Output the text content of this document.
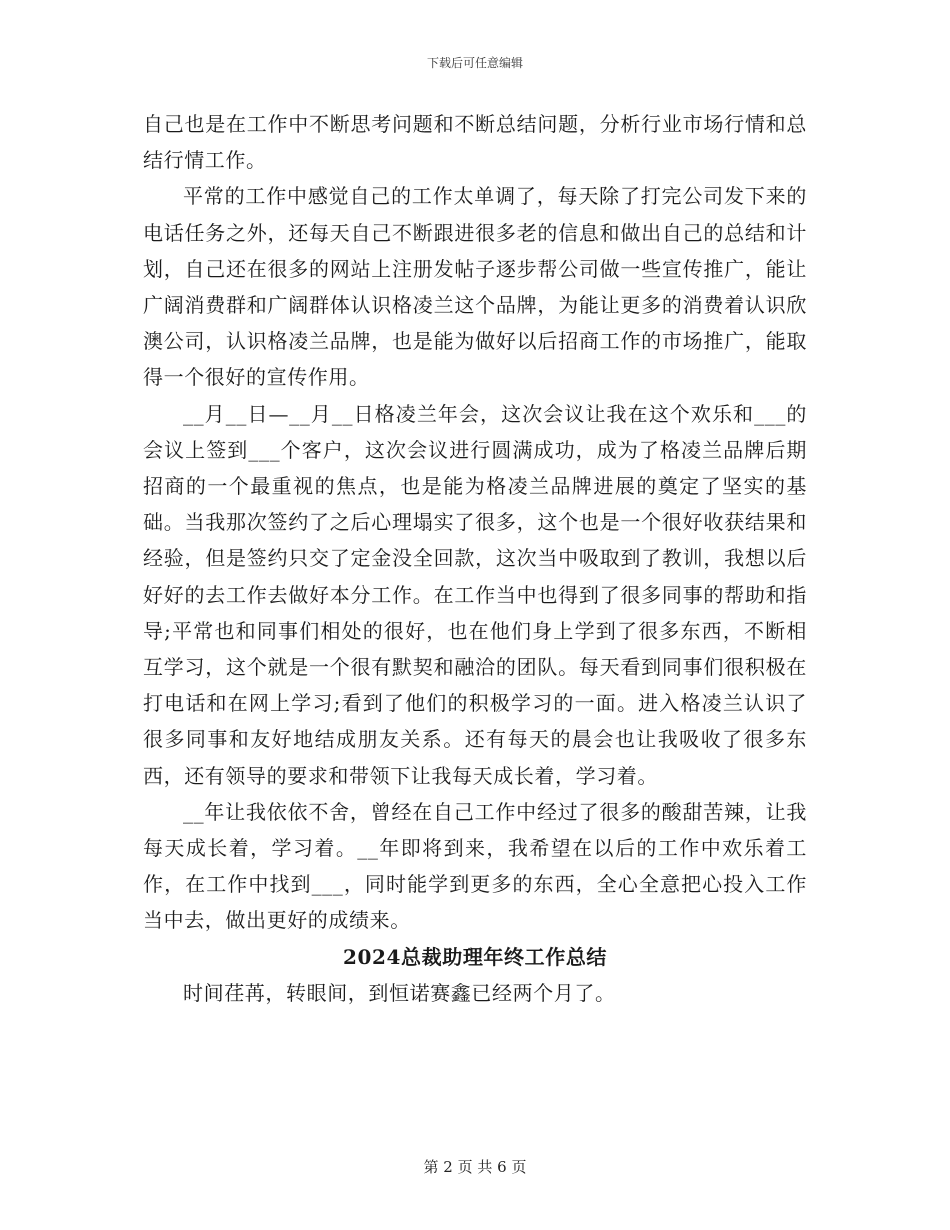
下载后可任意编辑

自己也是在工作中不断思考问题和不断总结问题，分析行业市场行情和总结行情工作。

平常的工作中感觉自己的工作太单调了，每天除了打完公司发下来的电话任务之外，还每天自己不断跟进很多老的信息和做出自己的总结和计划，自己还在很多的网站上注册发帖子逐步帮公司做一些宣传推广，能让广阔消费群和广阔群体认识格凌兰这个品牌，为能让更多的消费着认识欣澳公司，认识格凌兰品牌，也是能为做好以后招商工作的市场推广，能取得一个很好的宣传作用。

__月__日—__月__日格凌兰年会，这次会议让我在这个欢乐和___的会议上签到___个客户，这次会议进行圆满成功，成为了格凌兰品牌后期招商的一个最重视的焦点，也是能为格凌兰品牌进展的奠定了坚实的基础。当我那次签约了之后心理塌实了很多，这个也是一个很好收获结果和经验，但是签约只交了定金没全回款，这次当中吸取到了教训，我想以后好好的去工作去做好本分工作。在工作当中也得到了很多同事的帮助和指导;平常也和同事们相处的很好，也在他们身上学到了很多东西，不断相互学习，这个就是一个很有默契和融洽的团队。每天看到同事们很积极在打电话和在网上学习;看到了他们的积极学习的一面。进入格凌兰认识了很多同事和友好地结成朋友关系。还有每天的晨会也让我吸收了很多东西，还有领导的要求和带领下让我每天成长着，学习着。

__年让我依依不舍，曾经在自己工作中经过了很多的酸甜苦辣，让我每天成长着，学习着。__年即将到来，我希望在以后的工作中欢乐着工作，在工作中找到___，同时能学到更多的东西，全心全意把心投入工作当中去，做出更好的成绩来。

2024总裁助理年终工作总结

时间荏苒，转眼间，到恒诺赛鑫已经两个月了。

第 2 页 共 6 页
